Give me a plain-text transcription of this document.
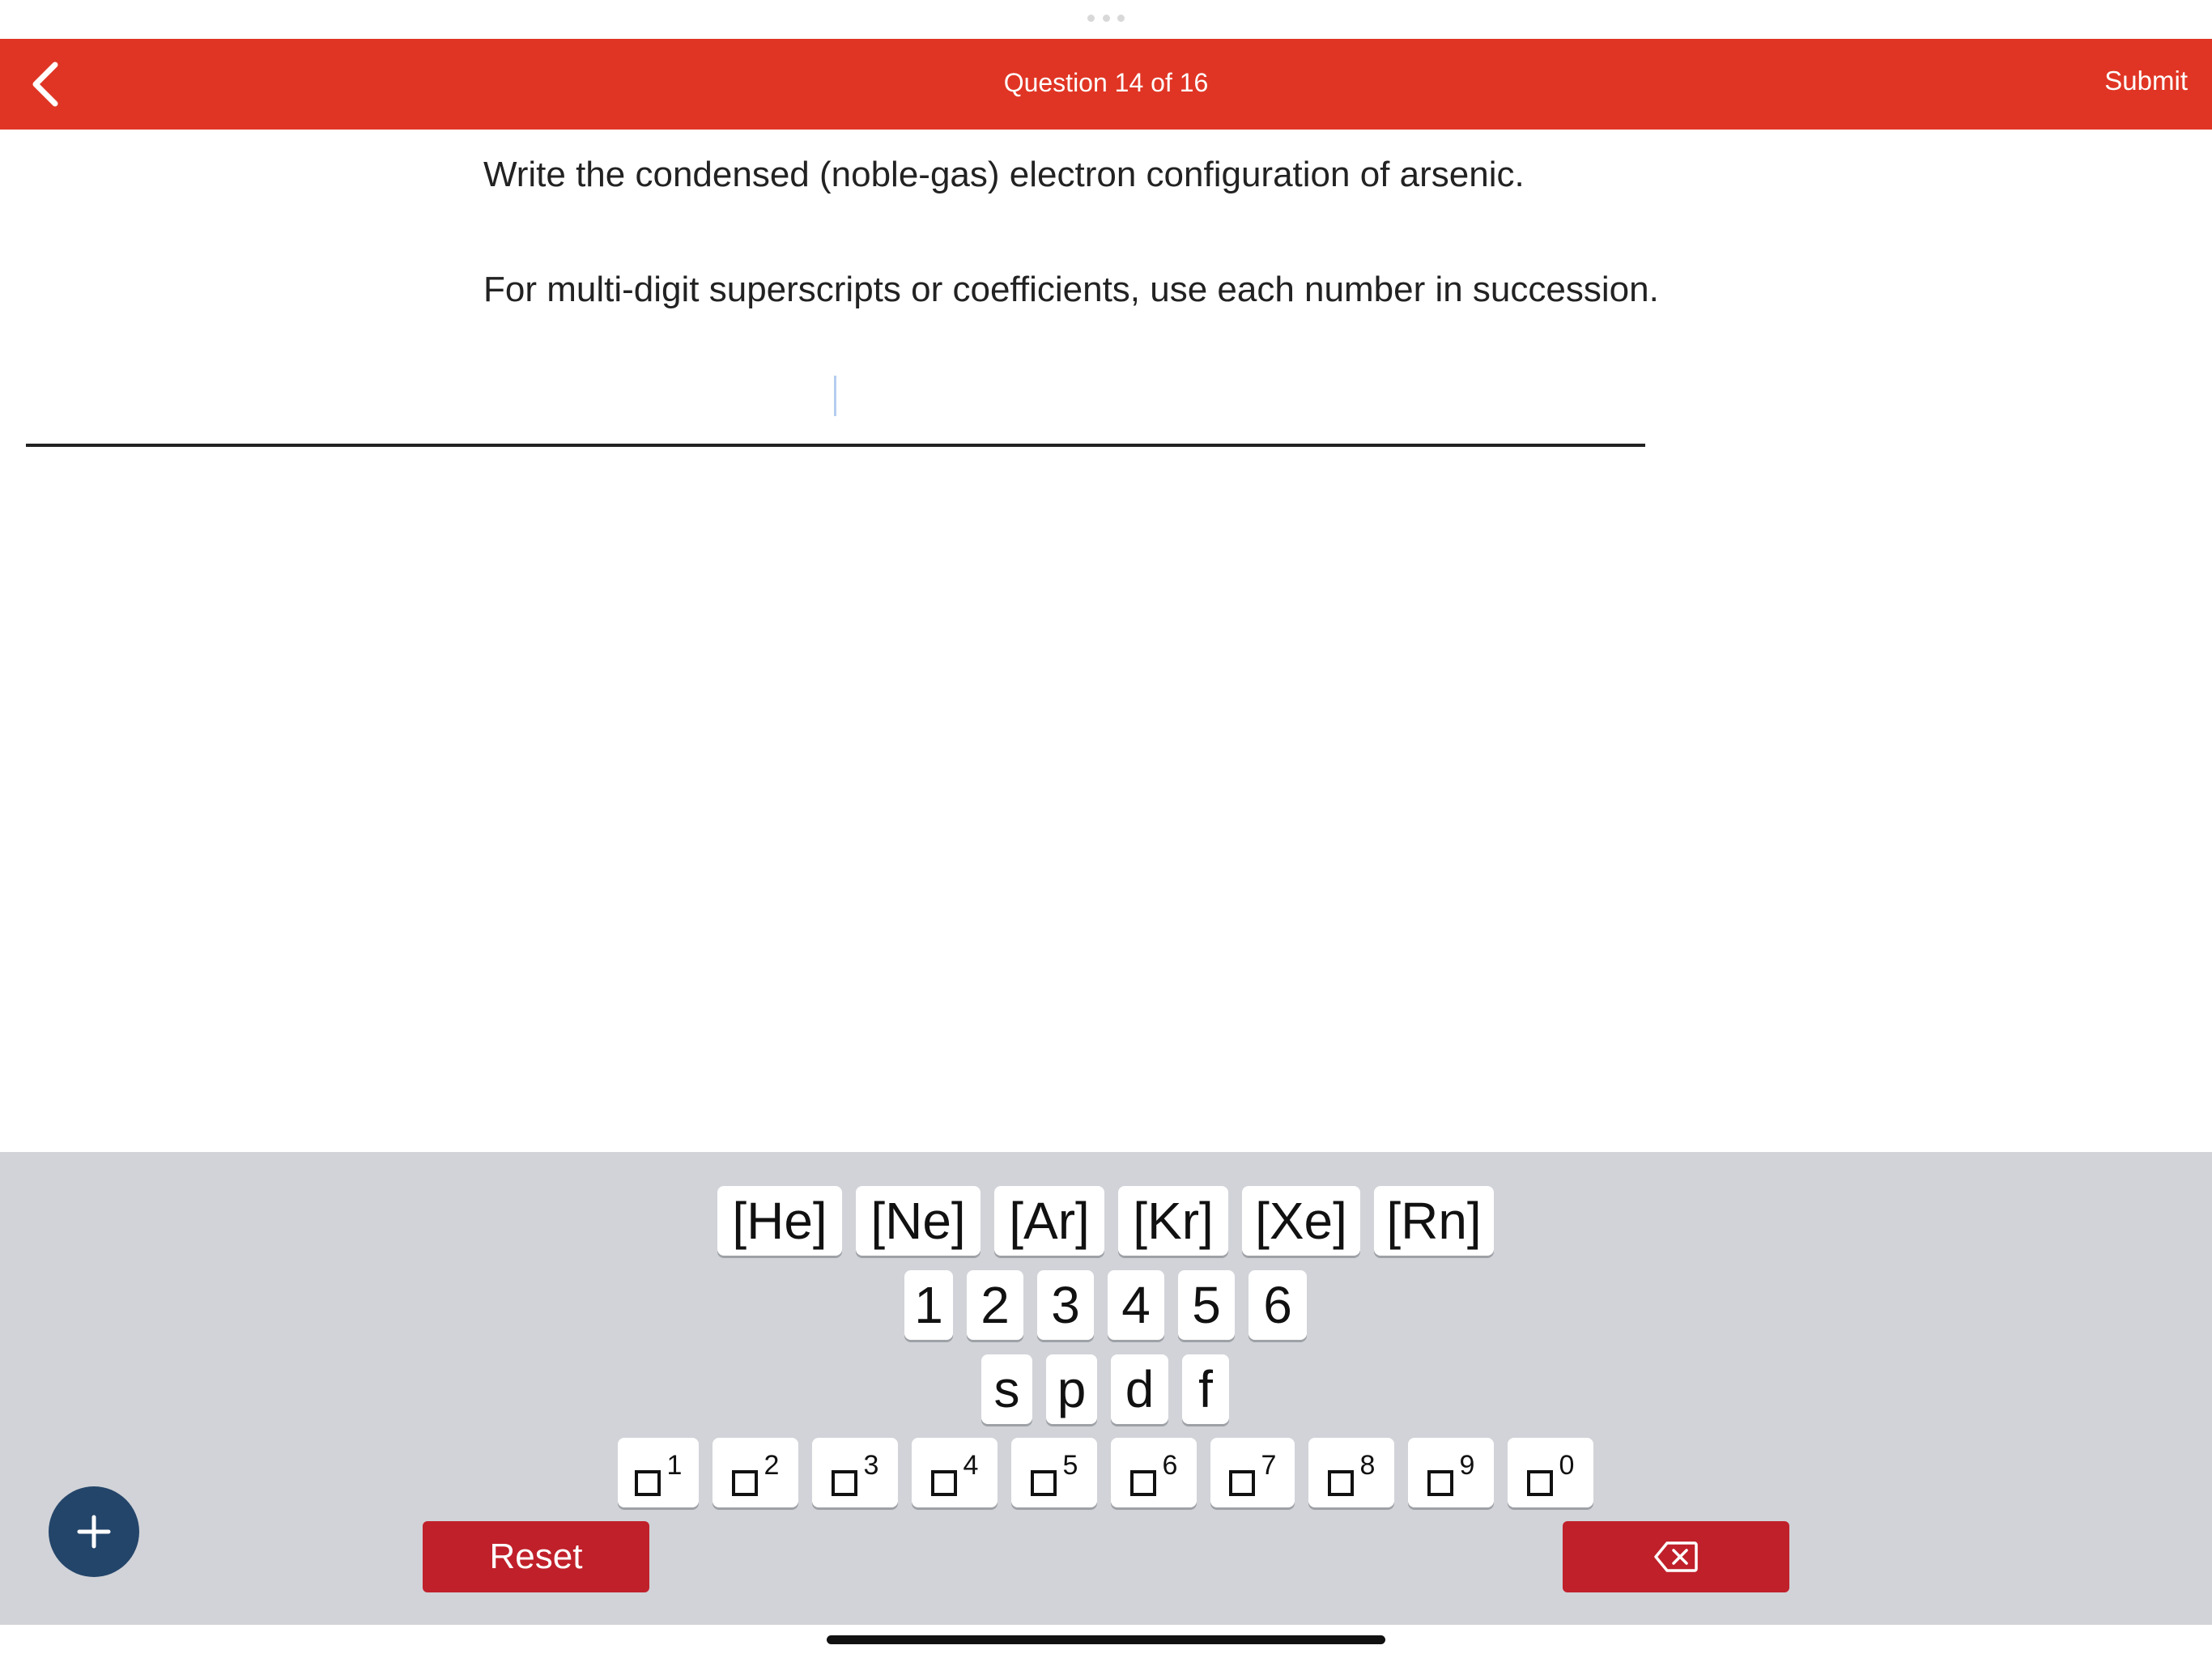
Question 14 of 16	Submit

Write the condensed (noble-gas) electron configuration of arsenic.

For multi-digit superscripts or coefficients, use each number in succession.

[He] [Ne] [Ar] [Kr] [Xe] [Rn]
1 2 3 4 5 6
s p d f
1	2	3	4	5	6	7	8	9	0
Reset
